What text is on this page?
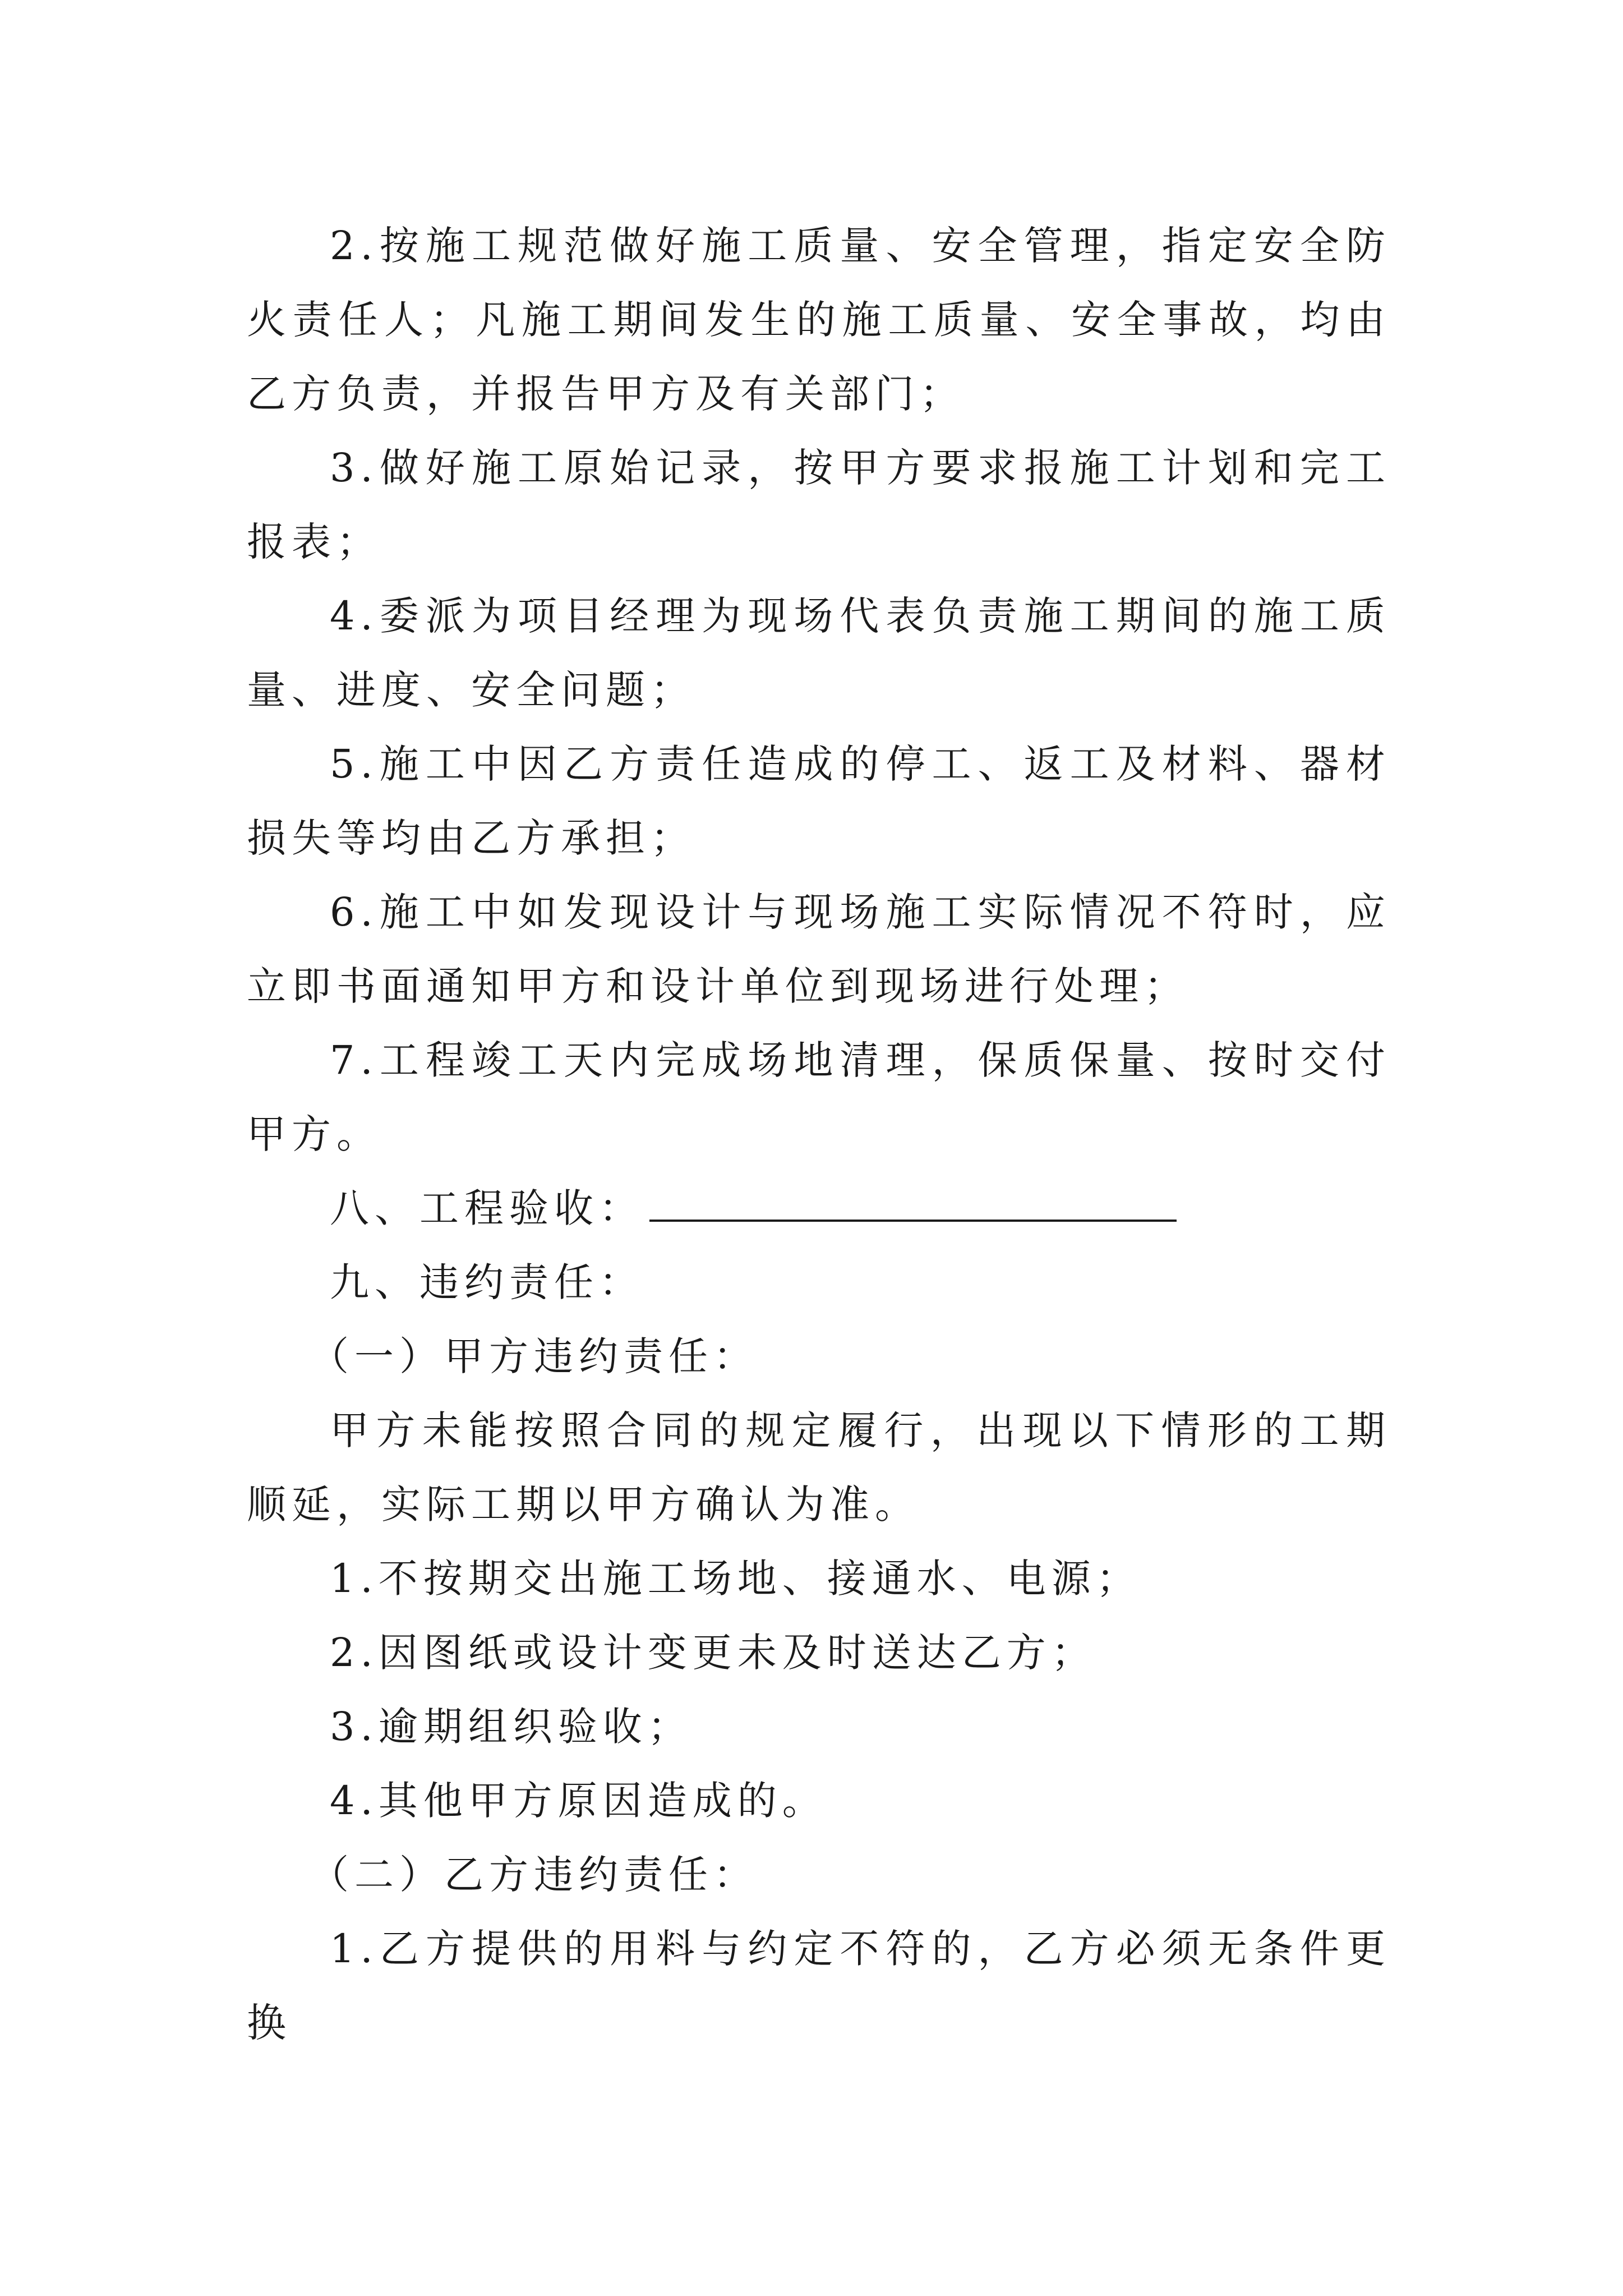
2.按施工规范做好施工质量、安全管理，指定安全防火责任人；凡施工期间发生的施工质量、安全事故，均由乙方负责，并报告甲方及有关部门；

3.做好施工原始记录，按甲方要求报施工计划和完工报表；

4.委派为项目经理为现场代表负责施工期间的施工质量、进度、安全问题；

5.施工中因乙方责任造成的停工、返工及材料、器材损失等均由乙方承担；

6.施工中如发现设计与现场施工实际情况不符时，应立即书面通知甲方和设计单位到现场进行处理；

7.工程竣工天内完成场地清理，保质保量、按时交付甲方。

八、工程验收：

九、违约责任：

（一）甲方违约责任：

甲方未能按照合同的规定履行，出现以下情形的工期顺延，实际工期以甲方确认为准。

1.不按期交出施工场地、接通水、电源；

2.因图纸或设计变更未及时送达乙方；

3.逾期组织验收；

4.其他甲方原因造成的。

（二）乙方违约责任：

1.乙方提供的用料与约定不符的，乙方必须无条件更换
